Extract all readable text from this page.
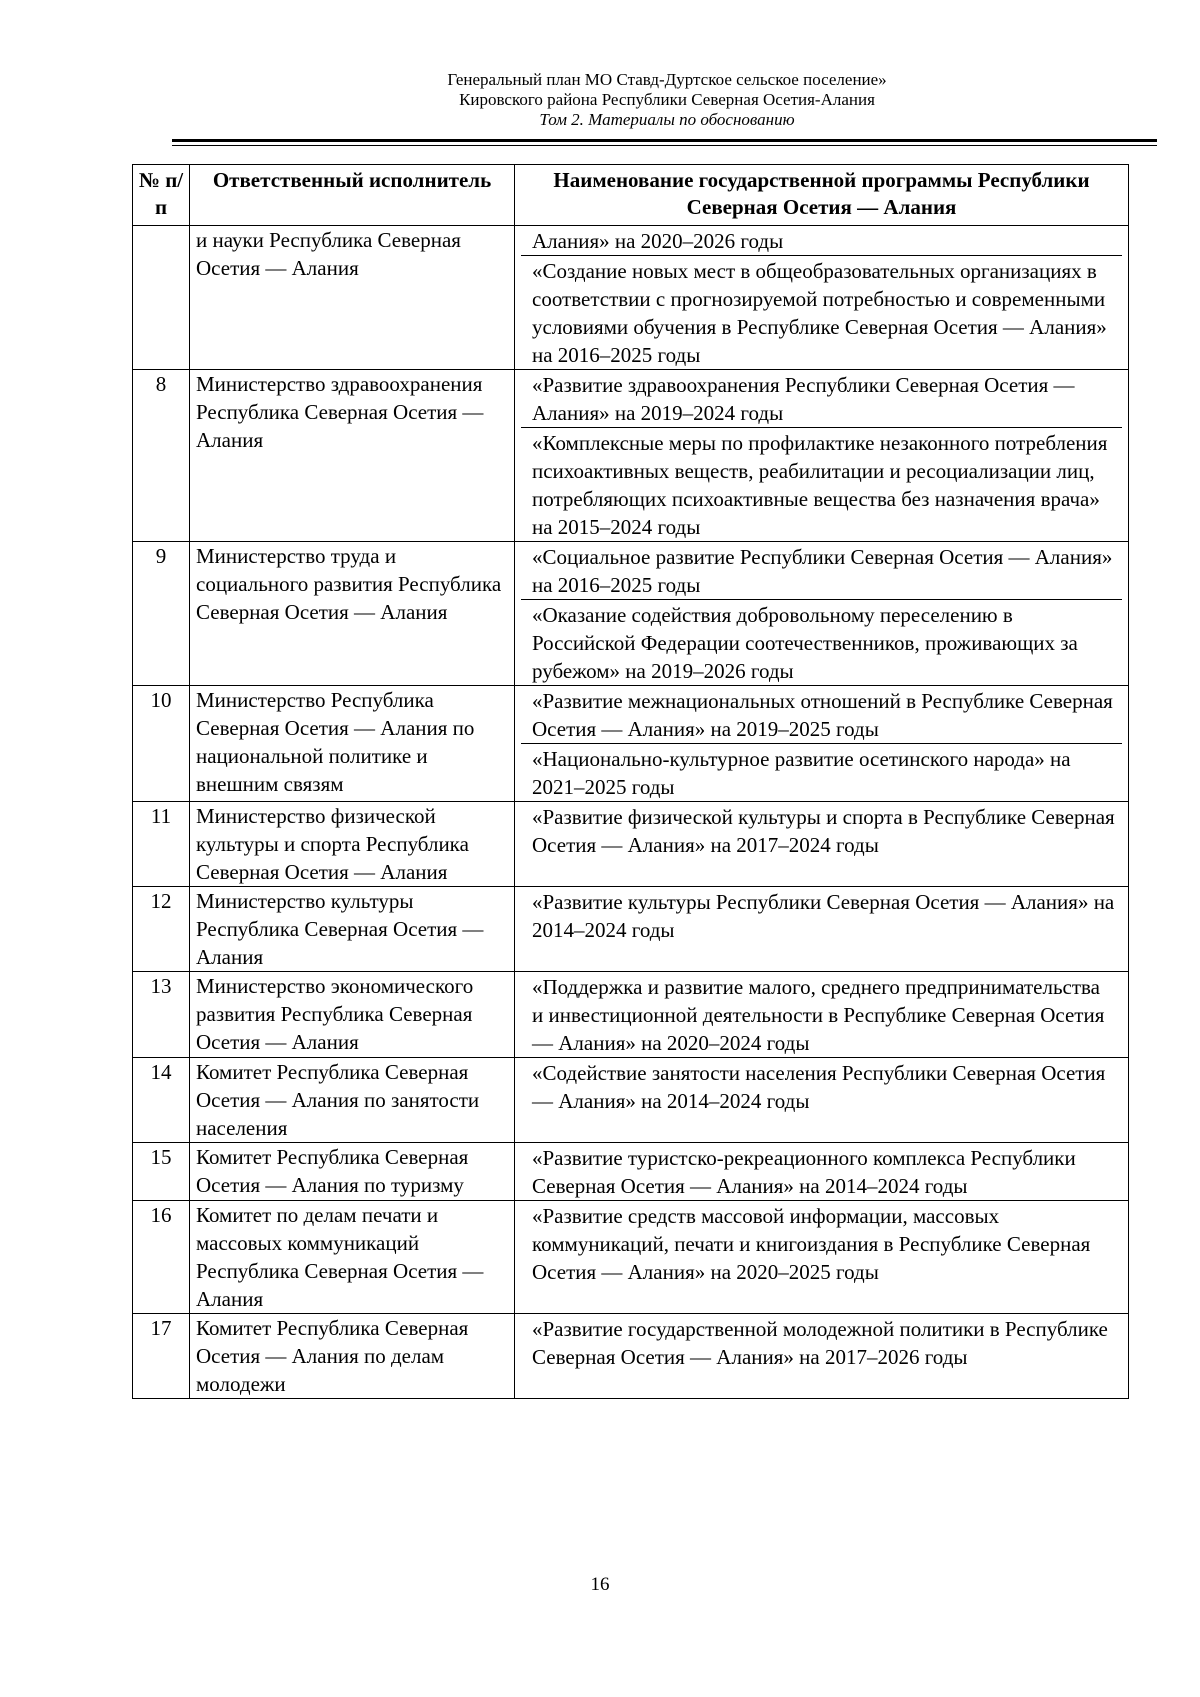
Генеральный план МО Ставд-Дуртское сельское поселение»
Кировского района Республики Северная Осетия-Алания
Том 2. Материалы по обоснованию
№ п/п	Ответственный исполнитель	Наименование государственной программы Республики Северная Осетия — Алания
	и науки Республика Северная Осетия — Алания	Алания» на 2020–2026 годы
«Создание новых мест в общеобразовательных организациях в соответствии с прогнозируемой потребностью и современными условиями обучения в Республике Северная Осетия — Алания» на 2016–2025 годы

8	Министерство здравоохранения Республика Северная Осетия — Алания	«Развитие здравоохранения Республики Северная Осетия — Алания» на 2019–2024 годы
«Комплексные меры по профилактике незаконного потребления психоактивных веществ, реабилитации и ресоциализации лиц, потребляющих психоактивные вещества без назначения врача» на 2015–2024 годы

9	Министерство труда и социального развития Республика Северная Осетия — Алания	«Социальное развитие Республики Северная Осетия — Алания» на 2016–2025 годы
«Оказание содействия добровольному переселению в Российской Федерации соотечественников, проживающих за рубежом» на 2019–2026 годы

10	Министерство Республика Северная Осетия — Алания по национальной политике и внешним связям	«Развитие межнациональных отношений в Республике Северная Осетия — Алания» на 2019–2025 годы
«Национально-культурное развитие осетинского народа» на 2021–2025 годы

11	Министерство физической культуры и спорта Республика Северная Осетия — Алания	«Развитие физической культуры и спорта в Республике Северная Осетия — Алания» на 2017–2024 годы

12	Министерство культуры Республика Северная Осетия — Алания	«Развитие культуры Республики Северная Осетия — Алания» на 2014–2024 годы

13	Министерство экономического развития Республика Северная Осетия — Алания	«Поддержка и развитие малого, среднего предпринимательства и инвестиционной деятельности в Республике Северная Осетия — Алания» на 2020–2024 годы

14	Комитет Республика Северная Осетия — Алания по занятости населения	«Содействие занятости населения Республики Северная Осетия — Алания» на 2014–2024 годы

15	Комитет Республика Северная Осетия — Алания по туризму	«Развитие туристско-рекреационного комплекса Республики Северная Осетия — Алания» на 2014–2024 годы

16	Комитет по делам печати и массовых коммуникаций Республика Северная Осетия — Алания	«Развитие средств массовой информации, массовых коммуникаций, печати и книгоиздания в Республике Северная Осетия — Алания» на 2020–2025 годы

17	Комитет Республика Северная Осетия — Алания по делам молодежи	«Развитие государственной молодежной политики в Республике Северная Осетия — Алания» на 2017–2026 годы
16
